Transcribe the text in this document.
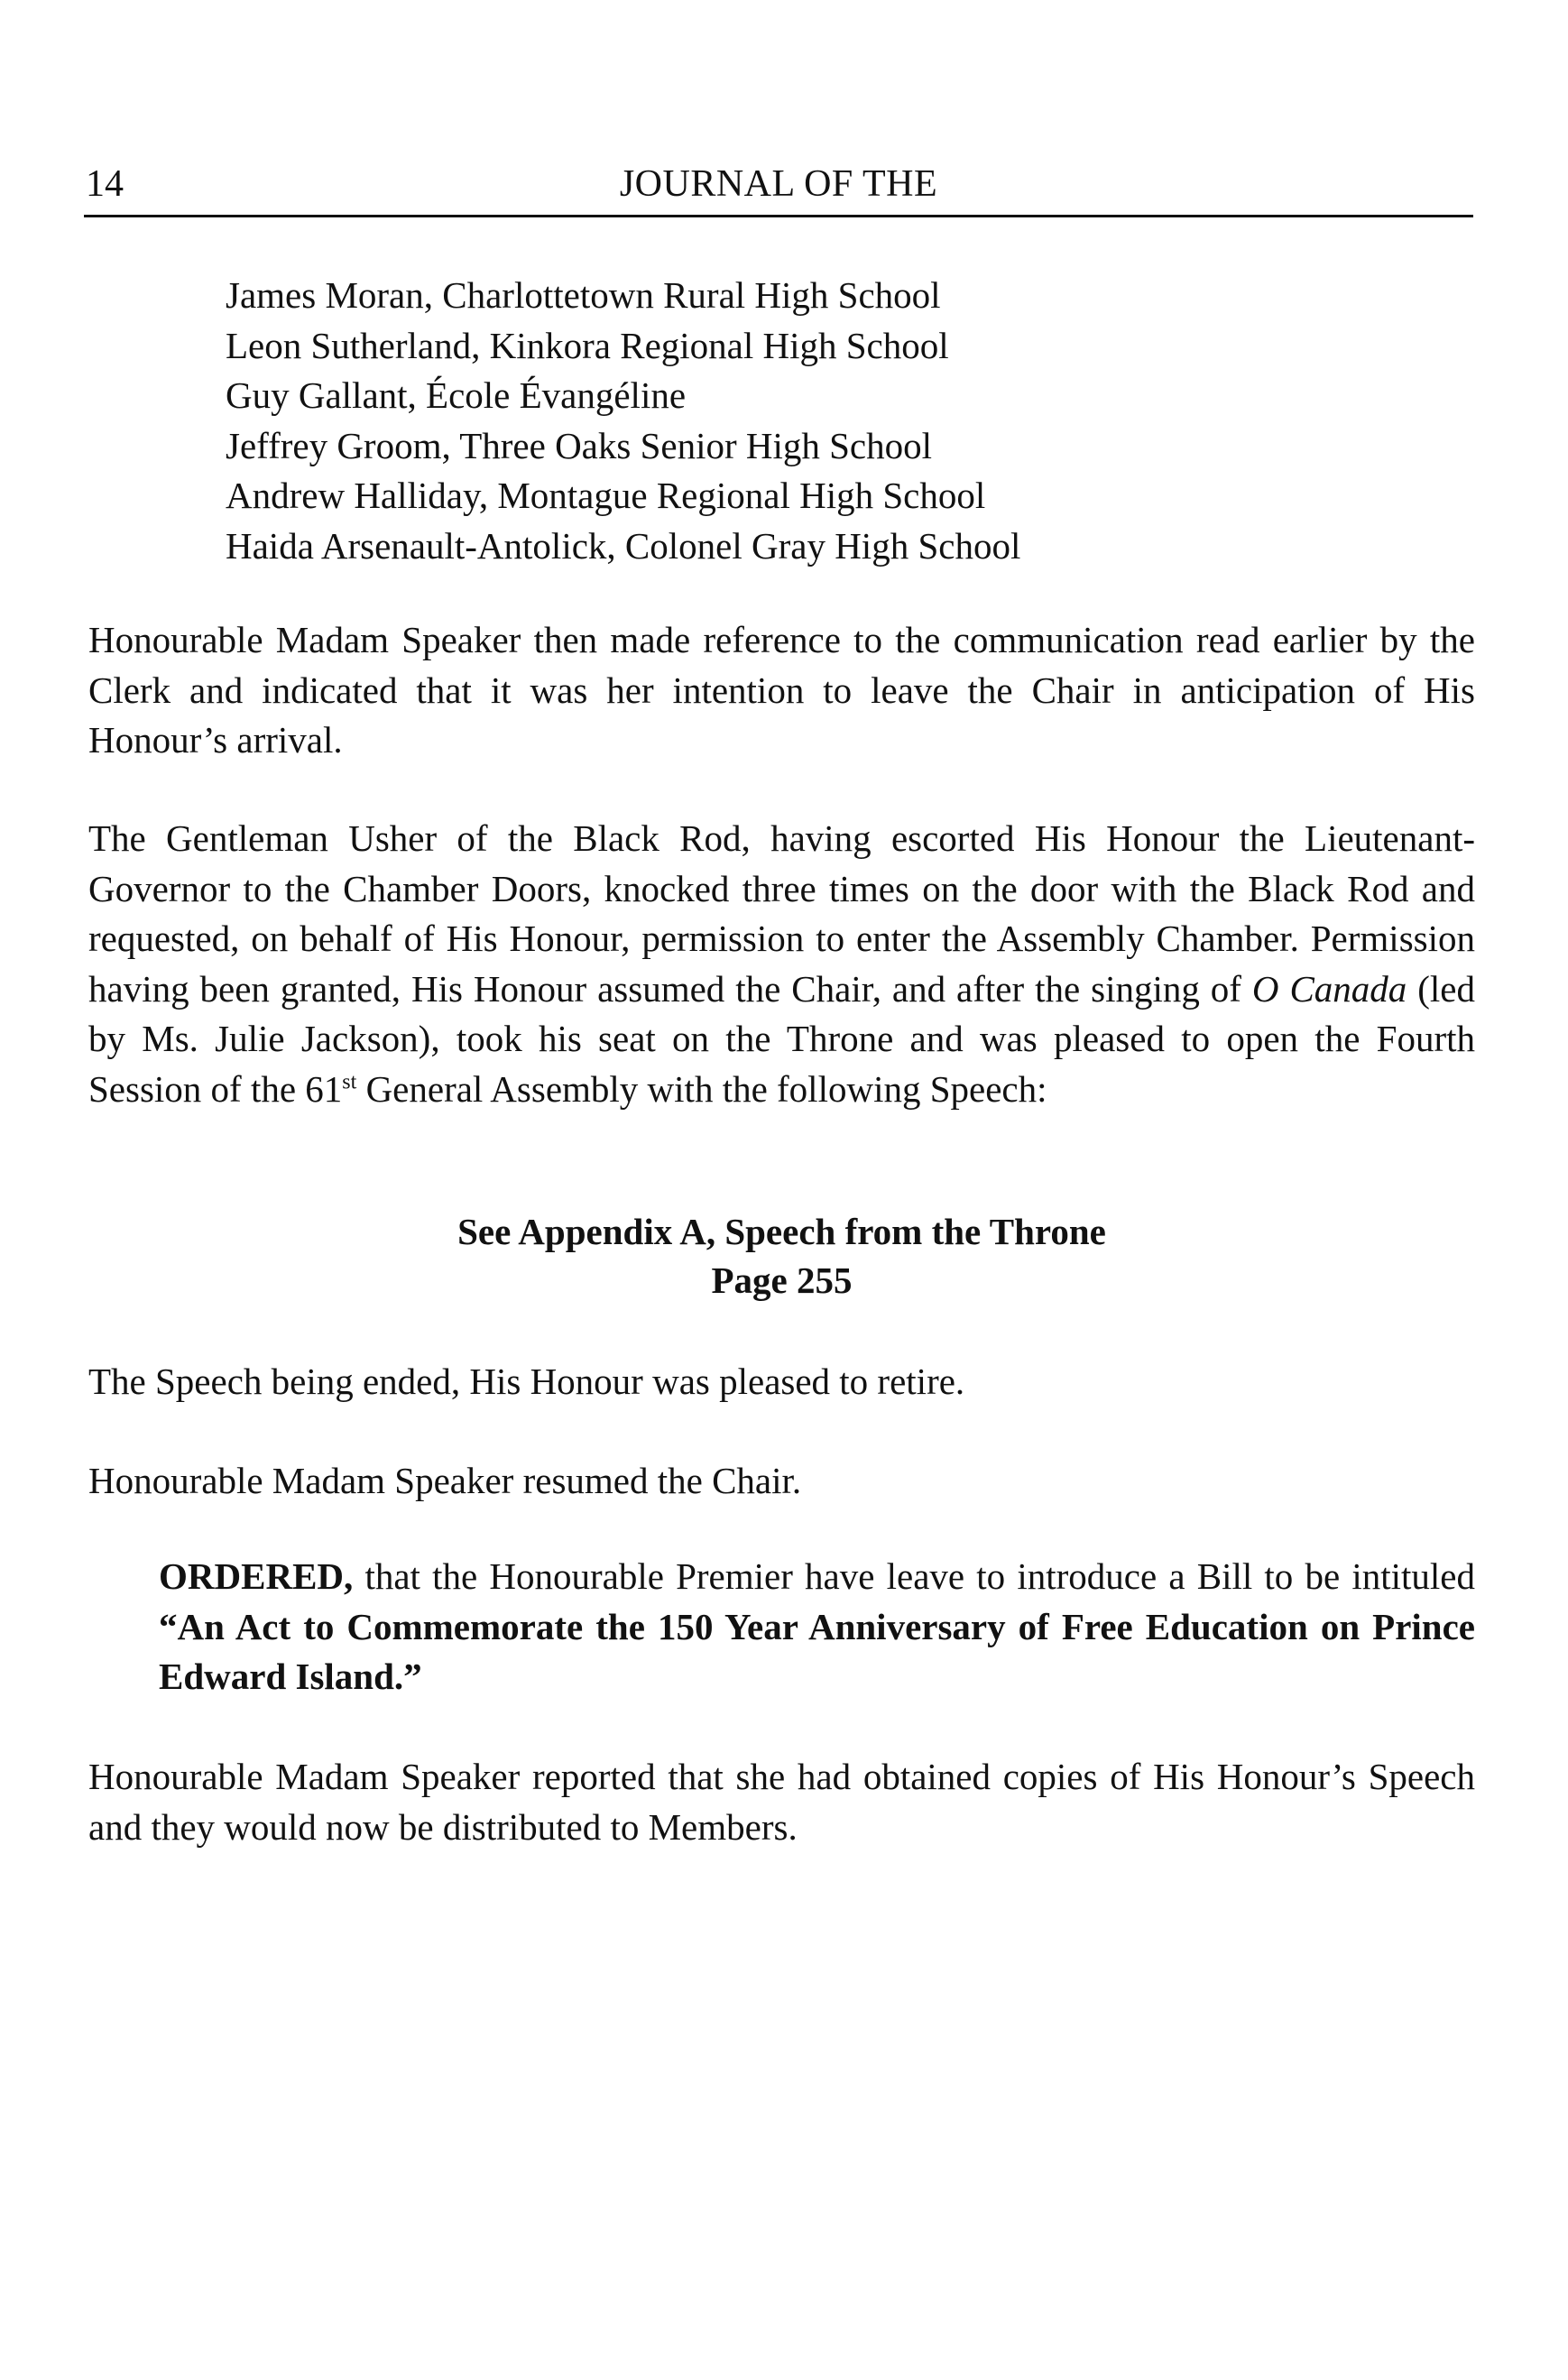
14	JOURNAL OF THE
James Moran, Charlottetown Rural High School
Leon Sutherland, Kinkora Regional High School
Guy Gallant, École Évangéline
Jeffrey Groom, Three Oaks Senior High School
Andrew Halliday, Montague Regional High School
Haida Arsenault-Antolick, Colonel Gray High School
Honourable Madam Speaker then made reference to the communication read earlier by the Clerk and indicated that it was her intention to leave the Chair in anticipation of His Honour’s arrival.
The Gentleman Usher of the Black Rod, having escorted His Honour the Lieutenant-Governor to the Chamber Doors, knocked three times on the door with the Black Rod and requested, on behalf of His Honour, permission to enter the Assembly Chamber. Permission having been granted, His Honour assumed the Chair, and after the singing of O Canada (led by Ms. Julie Jackson), took his seat on the Throne and was pleased to open the Fourth Session of the 61st General Assembly with the following Speech:
See Appendix A, Speech from the Throne
Page 255
The Speech being ended, His Honour was pleased to retire.
Honourable Madam Speaker resumed the Chair.
ORDERED, that the Honourable Premier have leave to introduce a Bill to be intituled “An Act to Commemorate the 150 Year Anniversary of Free Education on Prince Edward Island.”
Honourable Madam Speaker reported that she had obtained copies of His Honour’s Speech and they would now be distributed to Members.
